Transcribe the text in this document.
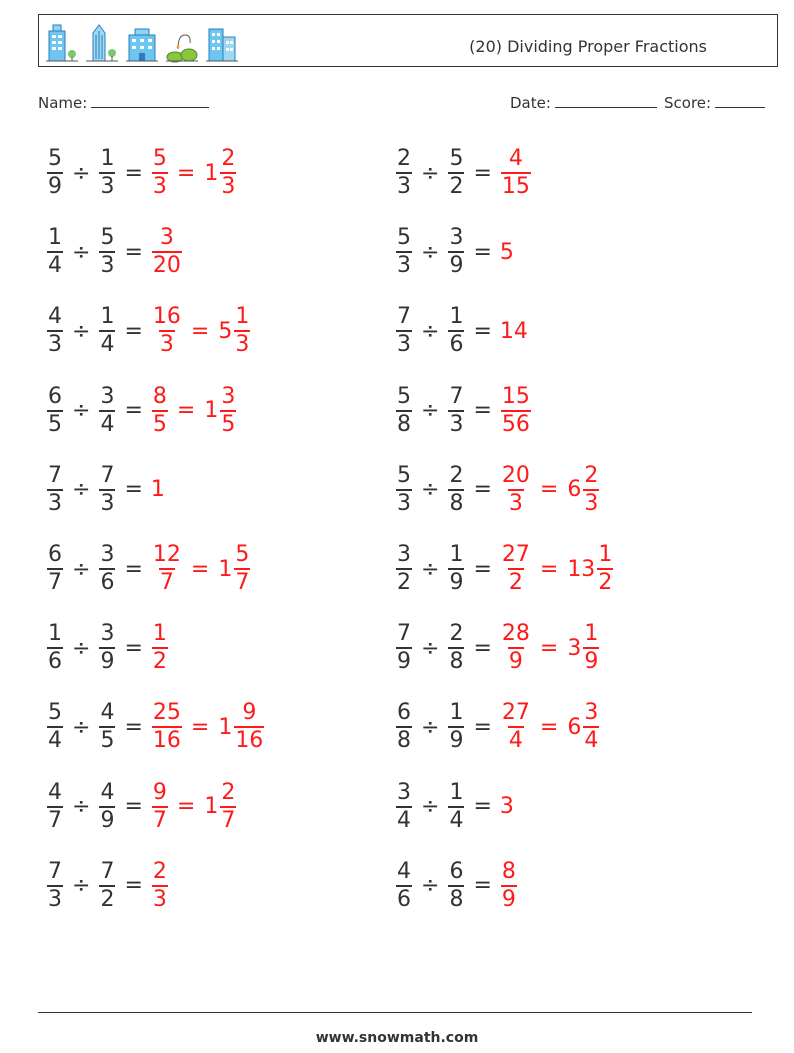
(20) Dividing Proper Fractions
Name:	Date:	Score:
$\frac{5}{9} \div \frac{1}{3} = \frac{5}{3} = 1 \frac{2}{3}$
$\frac{1}{4} \div \frac{5}{3} = \frac{3}{20}$
$\frac{4}{3} \div \frac{1}{4} = \frac{16}{3} = 5 \frac{1}{3}$
$\frac{6}{5} \div \frac{3}{4} = \frac{8}{5} = 1 \frac{3}{5}$
$\frac{7}{3} \div \frac{7}{3} = 1$
$\frac{6}{7} \div \frac{3}{6} = \frac{12}{7} = 1 \frac{5}{7}$
$\frac{1}{6} \div \frac{3}{9} = \frac{1}{2}$
$\frac{5}{4} \div \frac{4}{5} = \frac{25}{16} = 1 \frac{9}{16}$
$\frac{4}{7} \div \frac{4}{9} = \frac{9}{7} = 1 \frac{2}{7}$
$\frac{7}{3} \div \frac{7}{2} = \frac{2}{3}$
$\frac{2}{3} \div \frac{5}{2} = \frac{4}{15}$
$\frac{5}{3} \div \frac{3}{9} = 5$
$\frac{7}{3} \div \frac{1}{6} = 14$
$\frac{5}{8} \div \frac{7}{3} = \frac{15}{56}$
$\frac{5}{3} \div \frac{2}{8} = \frac{20}{3} = 6 \frac{2}{3}$
$\frac{3}{2} \div \frac{1}{9} = \frac{27}{2} = 13 \frac{1}{2}$
$\frac{7}{9} \div \frac{2}{8} = \frac{28}{9} = 3 \frac{1}{9}$
$\frac{6}{8} \div \frac{1}{9} = \frac{27}{4} = 6 \frac{3}{4}$
$\frac{3}{4} \div \frac{1}{4} = 3$
$\frac{4}{6} \div \frac{6}{8} = \frac{8}{9}$
www.snowmath.com
